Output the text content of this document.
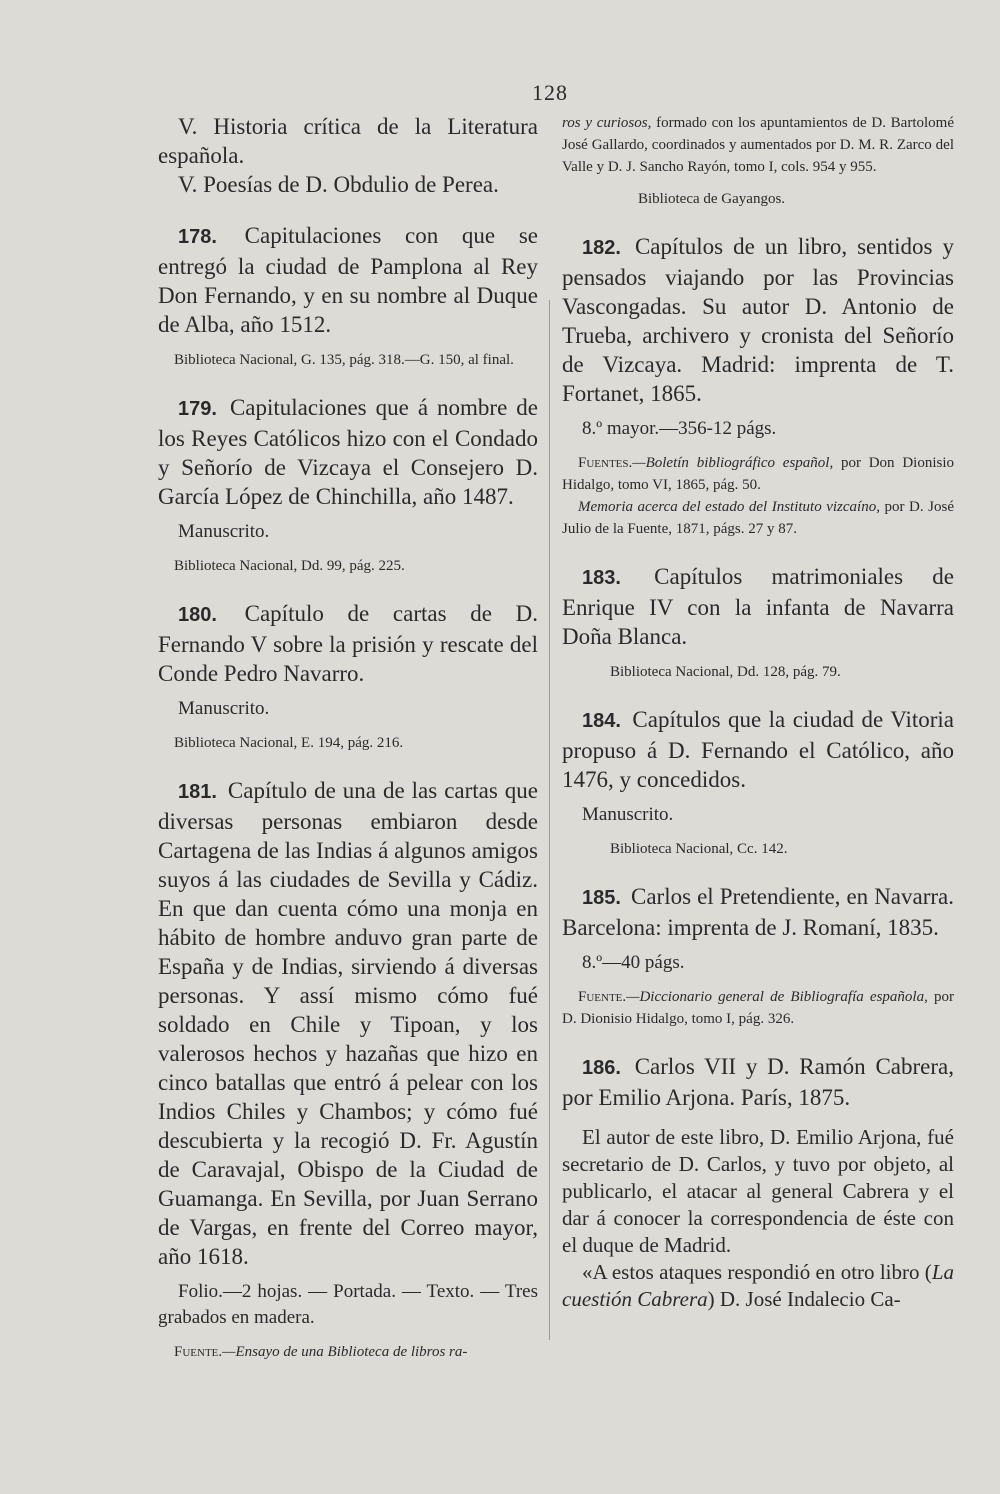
128

V. Historia crítica de la Literatura española.

V. Poesías de D. Obdulio de Perea.

178. Capitulaciones con que se entregó la ciudad de Pamplona al Rey Don Fernando, y en su nombre al Duque de Alba, año 1512.

Biblioteca Nacional, G. 135, pág. 318.—G. 150, al final.

179. Capitulaciones que á nombre de los Reyes Católicos hizo con el Condado y Señorío de Vizcaya el Consejero D. García López de Chinchilla, año 1487.

Manuscrito.

Biblioteca Nacional, Dd. 99, pág. 225.

180. Capítulo de cartas de D. Fernando V sobre la prisión y rescate del Conde Pedro Navarro.

Manuscrito.

Biblioteca Nacional, E. 194, pág. 216.

181. Capítulo de una de las cartas que diversas personas embiaron desde Cartagena de las Indias á algunos amigos suyos á las ciudades de Sevilla y Cádiz. En que dan cuenta cómo una monja en hábito de hombre anduvo gran parte de España y de Indias, sirviendo á diversas personas. Y assí mismo cómo fué soldado en Chile y Tipoan, y los valerosos hechos y hazañas que hizo en cinco batallas que entró á pelear con los Indios Chiles y Chambos; y cómo fué descubierta y la recogió D. Fr. Agustín de Caravajal, Obispo de la Ciudad de Guamanga. En Sevilla, por Juan Serrano de Vargas, en frente del Correo mayor, año 1618.

Folio.—2 hojas. — Portada. — Texto. — Tres grabados en madera.

Fuente.—Ensayo de una Biblioteca de libros ra-

ros y curiosos, formado con los apuntamientos de D. Bartolomé José Gallardo, coordinados y aumentados por D. M. R. Zarco del Valle y D. J. Sancho Rayón, tomo I, cols. 954 y 955.

Biblioteca de Gayangos.

182. Capítulos de un libro, sentidos y pensados viajando por las Provincias Vascongadas. Su autor D. Antonio de Trueba, archivero y cronista del Señorío de Vizcaya. Madrid: imprenta de T. Fortanet, 1865.

8.º mayor.—356-12 págs.

Fuentes.—Boletín bibliográfico español, por Don Dionisio Hidalgo, tomo VI, 1865, pág. 50.

Memoria acerca del estado del Instituto vizcaíno, por D. José Julio de la Fuente, 1871, págs. 27 y 87.

183. Capítulos matrimoniales de Enrique IV con la infanta de Navarra Doña Blanca.

Biblioteca Nacional, Dd. 128, pág. 79.

184. Capítulos que la ciudad de Vitoria propuso á D. Fernando el Católico, año 1476, y concedidos.

Manuscrito.

Biblioteca Nacional, Cc. 142.

185. Carlos el Pretendiente, en Navarra. Barcelona: imprenta de J. Romaní, 1835.

8.º—40 págs.

Fuente.—Diccionario general de Bibliografía española, por D. Dionisio Hidalgo, tomo I, pág. 326.

186. Carlos VII y D. Ramón Cabrera, por Emilio Arjona. París, 1875.

El autor de este libro, D. Emilio Arjona, fué secretario de D. Carlos, y tuvo por objeto, al publicarlo, el atacar al general Cabrera y el dar á conocer la correspondencia de éste con el duque de Madrid.

«A estos ataques respondió en otro libro (La cuestión Cabrera) D. José Indalecio Ca-
